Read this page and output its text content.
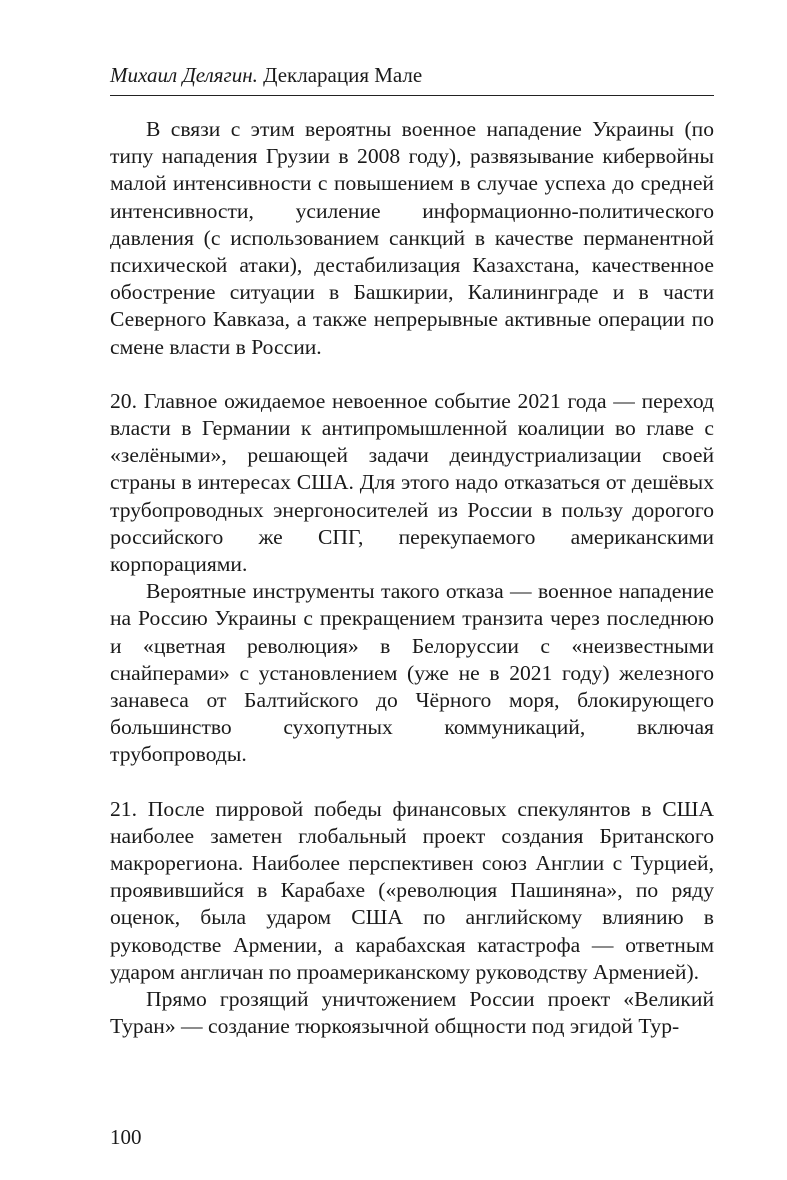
Михаил Делягин. Декларация Мале

В связи с этим вероятны военное нападение Украины (по типу нападения Грузии в 2008 году), развязывание кибервойны малой интенсивности с повышением в случае успеха до средней интенсивности, усиление информационно-политического давления (с использованием санкций в качестве перманентной психической атаки), дестабилизация Казахстана, качественное обострение ситуации в Башкирии, Калининграде и в части Северного Кавказа, а также непрерывные активные операции по смене власти в России.

20. Главное ожидаемое невоенное событие 2021 года — переход власти в Германии к антипромышленной коалиции во главе с «зелёными», решающей задачи деиндустриализации своей страны в интересах США. Для этого надо отказаться от дешёвых трубопроводных энергоносителей из России в пользу дорогого российского же СПГ, перекупаемого американскими корпорациями.

Вероятные инструменты такого отказа — военное нападение на Россию Украины с прекращением транзита через последнюю и «цветная революция» в Белоруссии с «неизвестными снайперами» с установлением (уже не в 2021 году) железного занавеса от Балтийского до Чёрного моря, блокирующего большинство сухопутных коммуникаций, включая трубопроводы.

21. После пирровой победы финансовых спекулянтов в США наиболее заметен глобальный проект создания Британского макрорегиона. Наиболее перспективен союз Англии с Турцией, проявившийся в Карабахе («революция Пашиняна», по ряду оценок, была ударом США по английскому влиянию в руководстве Армении, а карабахская катастрофа — ответным ударом англичан по проамериканскому руководству Арменией).

Прямо грозящий уничтожением России проект «Великий Туран» — создание тюркоязычной общности под эгидой Тур-

100
